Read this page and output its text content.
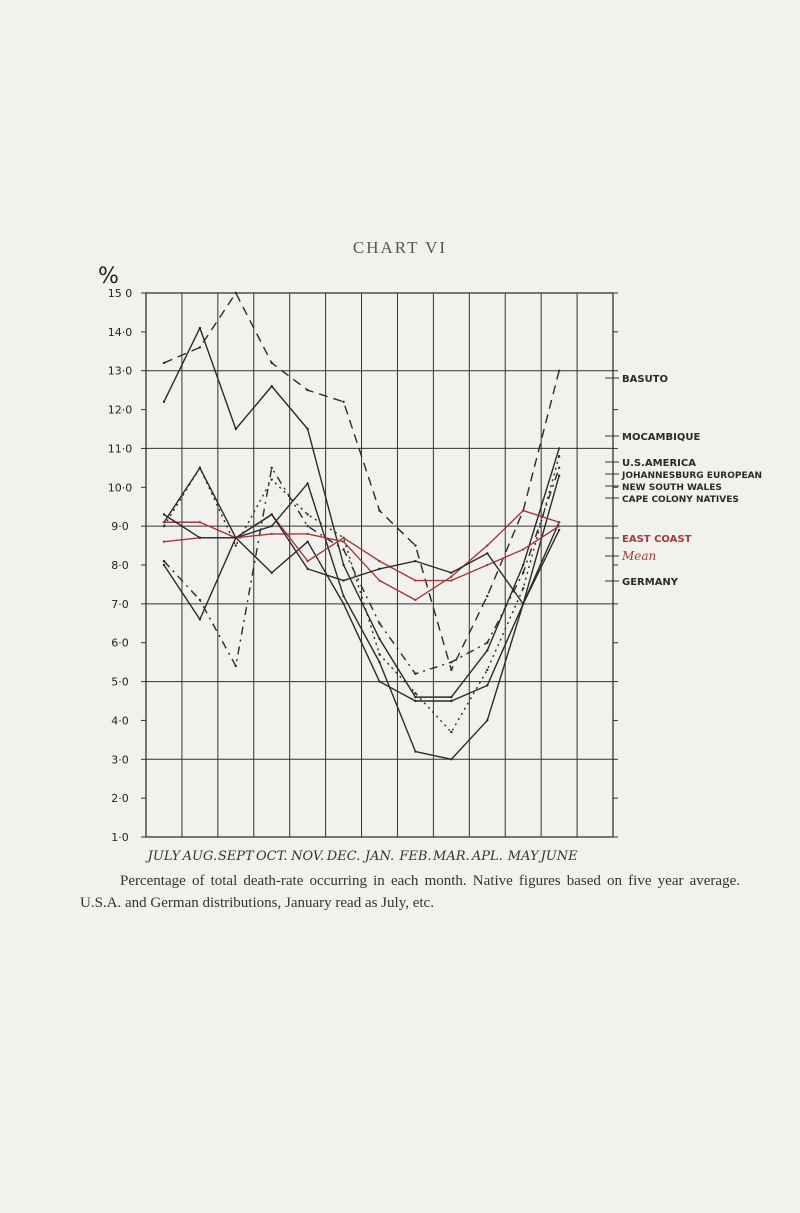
CHART VI
%
15 0
14·0
13·0
12·0
11·0
10·0
9·0
8·0
7·0
6·0
5·0
4·0
3·0
2·0
1·0
JULY AUG. SEPT OCT. NOV. DEC. JAN. FEB. MAR. APL. MAY JUNE
BASUTO
MOCAMBIQUE
U.S.AMERICA
JOHANNESBURG EUROPEAN
NEW SOUTH WALES
CAPE COLONY NATIVES
EAST COAST
Mean
GERMANY

Percentage of total death-rate occurring in each month. Native figures based on five year average. U.S.A. and German distributions, January read as July, etc.
